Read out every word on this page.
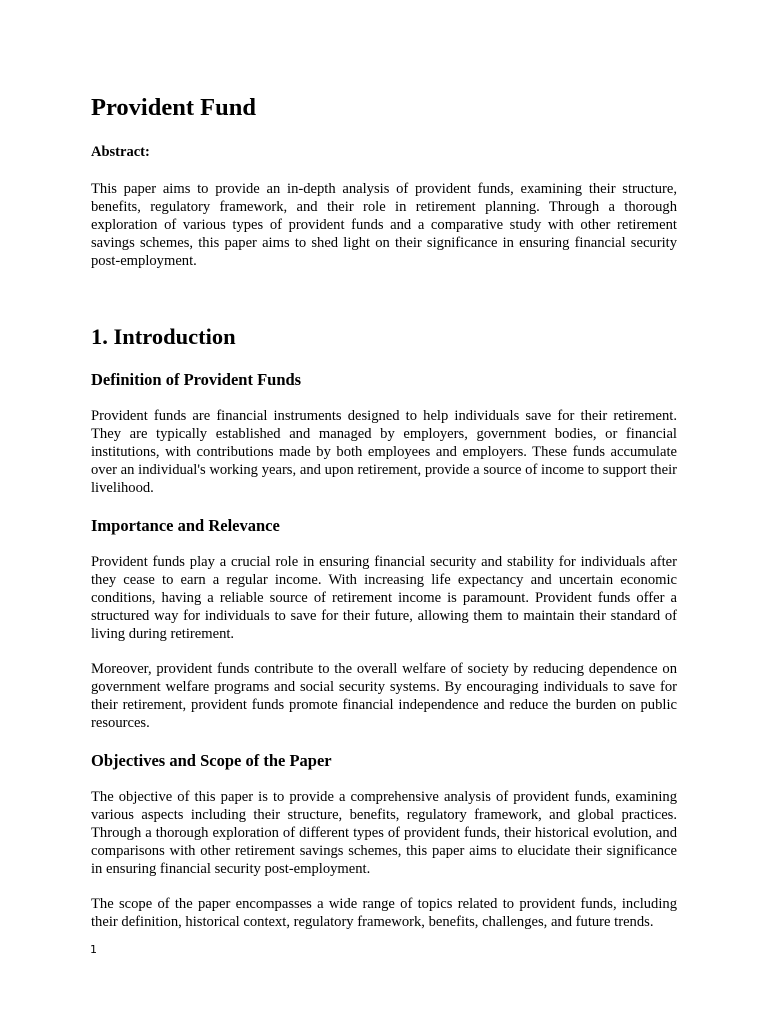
Provident Fund

Abstract:

This paper aims to provide an in-depth analysis of provident funds, examining their structure, benefits, regulatory framework, and their role in retirement planning. Through a thorough exploration of various types of provident funds and a comparative study with other retirement savings schemes, this paper aims to shed light on their significance in ensuring financial security post-employment.

1. Introduction
Definition of Provident Funds

Provident funds are financial instruments designed to help individuals save for their retirement. They are typically established and managed by employers, government bodies, or financial institutions, with contributions made by both employees and employers. These funds accumulate over an individual's working years, and upon retirement, provide a source of income to support their livelihood.

Importance and Relevance

Provident funds play a crucial role in ensuring financial security and stability for individuals after they cease to earn a regular income. With increasing life expectancy and uncertain economic conditions, having a reliable source of retirement income is paramount. Provident funds offer a structured way for individuals to save for their future, allowing them to maintain their standard of living during retirement.

Moreover, provident funds contribute to the overall welfare of society by reducing dependence on government welfare programs and social security systems. By encouraging individuals to save for their retirement, provident funds promote financial independence and reduce the burden on public resources.

Objectives and Scope of the Paper

The objective of this paper is to provide a comprehensive analysis of provident funds, examining various aspects including their structure, benefits, regulatory framework, and global practices. Through a thorough exploration of different types of provident funds, their historical evolution, and comparisons with other retirement savings schemes, this paper aims to elucidate their significance in ensuring financial security post-employment.

The scope of the paper encompasses a wide range of topics related to provident funds, including their definition, historical context, regulatory framework, benefits, challenges, and future trends.

1
